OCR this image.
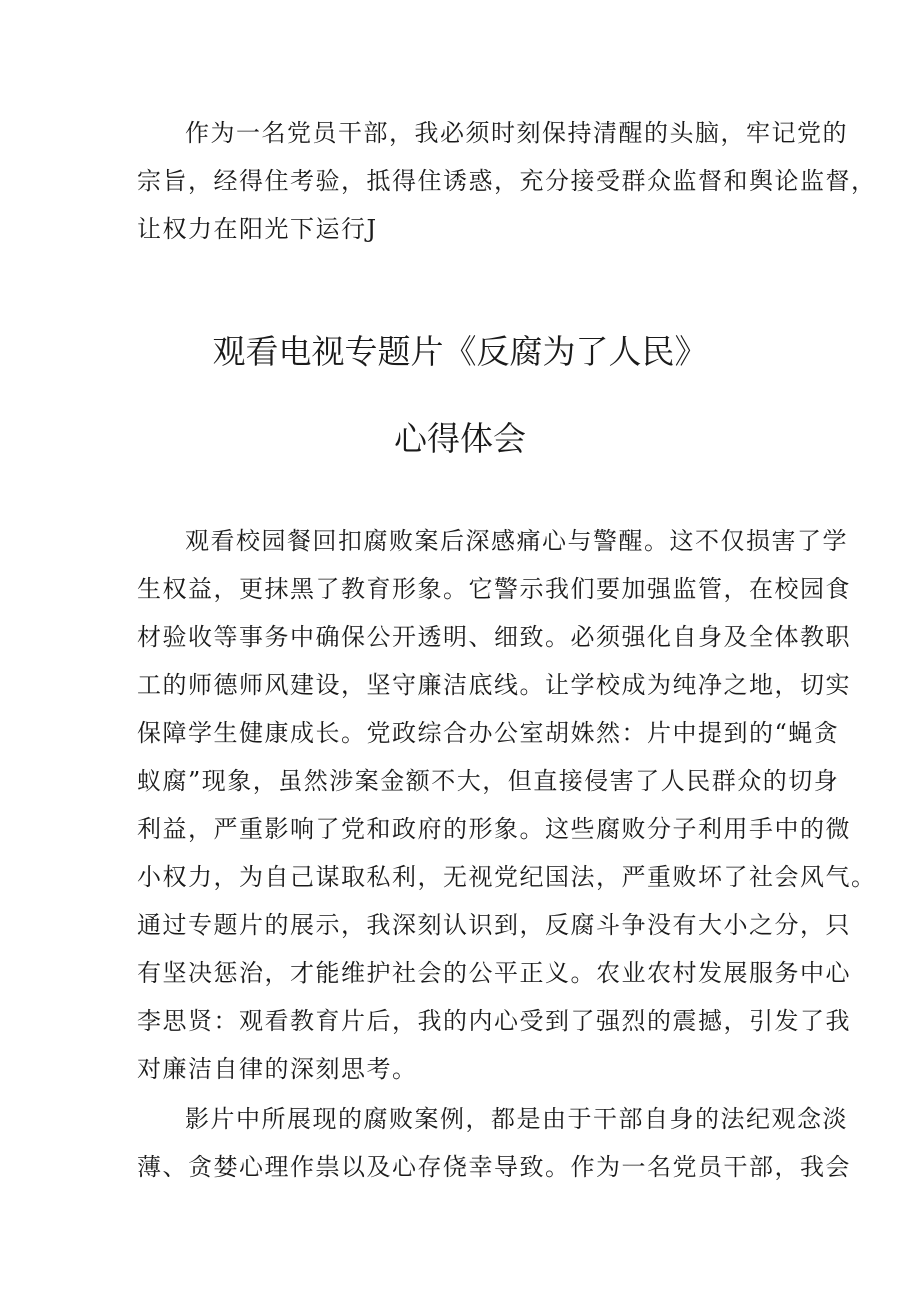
作为一名党员干部，我必须时刻保持清醒的头脑，牢记党的
宗旨，经得住考验，抵得住诱惑，充分接受群众监督和舆论监督，
让权力在阳光下运行J
观看电视专题片《反腐为了人民》
心得体会
观看校园餐回扣腐败案后深感痛心与警醒。这不仅损害了学
生权益，更抹黑了教育形象。它警示我们要加强监管，在校园食
材验收等事务中确保公开透明、细致。必须强化自身及全体教职
工的师德师风建设，坚守廉洁底线。让学校成为纯净之地，切实
保障学生健康成长。党政综合办公室胡姝然：片中提到的“蝇贪
蚁腐”现象，虽然涉案金额不大，但直接侵害了人民群众的切身
利益，严重影响了党和政府的形象。这些腐败分子利用手中的微
小权力，为自己谋取私利，无视党纪国法，严重败坏了社会风气。
通过专题片的展示，我深刻认识到，反腐斗争没有大小之分，只
有坚决惩治，才能维护社会的公平正义。农业农村发展服务中心
李思贤：观看教育片后，我的内心受到了强烈的震撼，引发了我
对廉洁自律的深刻思考。
影片中所展现的腐败案例，都是由于干部自身的法纪观念淡
薄、贪婪心理作祟以及心存侥幸导致。作为一名党员干部，我会
